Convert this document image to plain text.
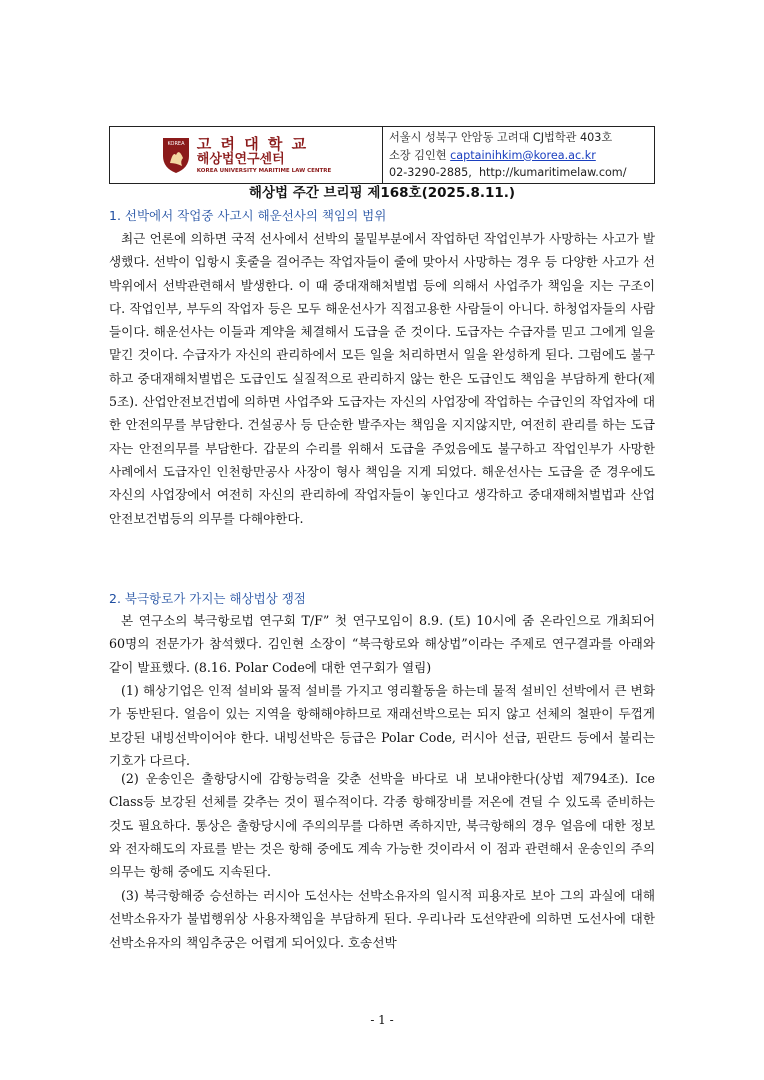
KOREA 고 려 대 학 교
해상법연구센터
KOREA UNIVERSITY MARITIME LAW CENTRE
서울시 성북구 안암동 고려대 CJ법학관 403호
소장 김인현 captainihkim@korea.ac.kr
02-3290-2885, http://kumaritimelaw.com/
해상법 주간 브리핑 제168호(2025.8.11.)
1. 선박에서 작업중 사고시 해운선사의 책임의 범위
최근 언론에 의하면 국적 선사에서 선박의 물밑부분에서 작업하던 작업인부가 사망하는 사고가 발생했다. 선박이 입항시 홋줄을 걸어주는 작업자들이 줄에 맞아서 사망하는 경우 등 다양한 사고가 선박위에서 선박관련해서 발생한다. 이 때 중대재해처벌법 등에 의해서 사업주가 책임을 지는 구조이다. 작업인부, 부두의 작업자 등은 모두 해운선사가 직접고용한 사람들이 아니다. 하청업자들의 사람들이다. 해운선사는 이들과 계약을 체결해서 도급을 준 것이다. 도급자는 수급자를 믿고 그에게 일을 맡긴 것이다. 수급자가 자신의 관리하에서 모든 일을 처리하면서 일을 완성하게 된다. 그럼에도 불구하고 중대재해처벌법은 도급인도 실질적으로 관리하지 않는 한은 도급인도 책임을 부담하게 한다(제5조). 산업안전보건법에 의하면 사업주와 도급자는 자신의 사업장에 작업하는 수급인의 작업자에 대한 안전의무를 부담한다. 건설공사 등 단순한 발주자는 책임을 지지않지만, 여전히 관리를 하는 도급자는 안전의무를 부담한다. 갑문의 수리를 위해서 도급을 주었음에도 불구하고 작업인부가 사망한 사례에서 도급자인 인천항만공사 사장이 형사 책임을 지게 되었다. 해운선사는 도급을 준 경우에도 자신의 사업장에서 여전히 자신의 관리하에 작업자들이 놓인다고 생각하고 중대재해처벌법과 산업안전보건법등의 의무를 다해야한다.
2. 북극항로가 가지는 해상법상 쟁점
본 연구소의 북극항로법 연구회 T/F” 첫 연구모임이 8.9. (토) 10시에 줌 온라인으로 개최되어 60명의 전문가가 참석했다. 김인현 소장이 “북극항로와 해상법”이라는 주제로 연구결과를 아래와 같이 발표했다. (8.16. Polar Code에 대한 연구회가 열림)
(1) 해상기업은 인적 설비와 물적 설비를 가지고 영리활동을 하는데 물적 설비인 선박에서 큰 변화가 동반된다. 얼음이 있는 지역을 항해해야하므로 재래선박으로는 되지 않고 선체의 철판이 두껍게 보강된 내빙선박이어야 한다. 내빙선박은 등급은 Polar Code, 러시아 선급, 핀란드 등에서 불리는 기호가 다르다.
(2) 운송인은 출항당시에 감항능력을 갖춘 선박을 바다로 내 보내야한다(상법 제794조). Ice Class등 보강된 선체를 갖추는 것이 필수적이다. 각종 항해장비를 저온에 견딜 수 있도록 준비하는 것도 필요하다. 통상은 출항당시에 주의의무를 다하면 족하지만, 북극항해의 경우 얼음에 대한 정보와 전자해도의 자료를 받는 것은 항해 중에도 계속 가능한 것이라서 이 점과 관련해서 운송인의 주의의무는 항해 중에도 지속된다.
(3) 북극항해중 승선하는 러시아 도선사는 선박소유자의 일시적 피용자로 보아 그의 과실에 대해 선박소유자가 불법행위상 사용자책임을 부담하게 된다. 우리나라 도선약관에 의하면 도선사에 대한 선박소유자의 책임추궁은 어렵게 되어있다. 호송선박
- 1 -
